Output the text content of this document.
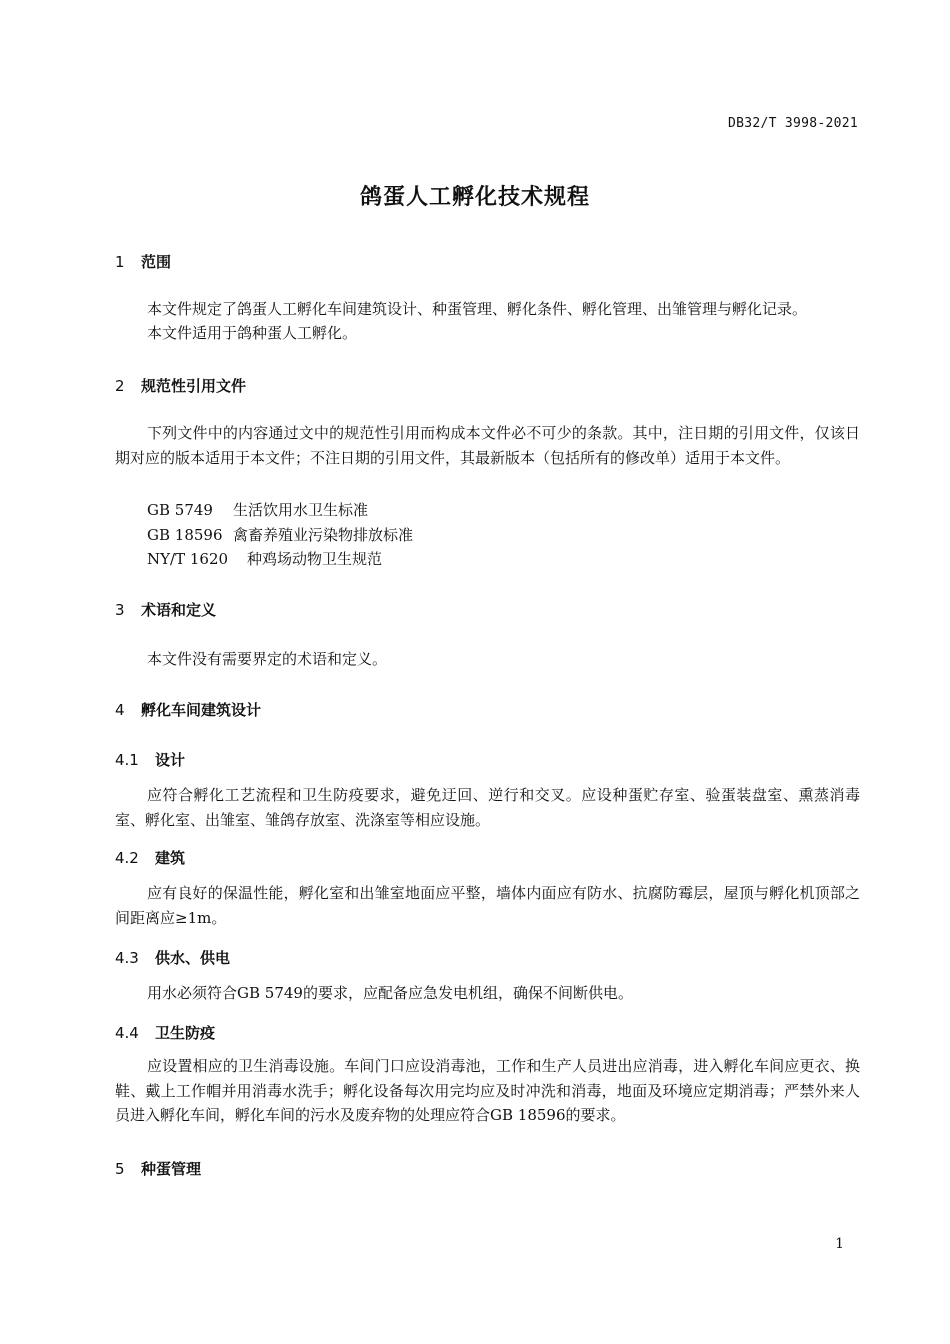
DB32/T 3998-2021
鸽蛋人工孵化技术规程
1 范围

本文件规定了鸽蛋人工孵化车间建筑设计、种蛋管理、孵化条件、孵化管理、出雏管理与孵化记录。

本文件适用于鸽种蛋人工孵化。

2 规范性引用文件

下列文件中的内容通过文中的规范性引用而构成本文件必不可少的条款。其中，注日期的引用文件，仅该日期对应的版本适用于本文件；不注日期的引用文件，其最新版本（包括所有的修改单）适用于本文件。

GB 5749 生活饮用水卫生标准
GB 18596 禽畜养殖业污染物排放标准
NY/T 1620 种鸡场动物卫生规范
3 术语和定义

本文件没有需要界定的术语和定义。

4 孵化车间建筑设计
4.1 设计

应符合孵化工艺流程和卫生防疫要求，避免迂回、逆行和交叉。应设种蛋贮存室、验蛋装盘室、熏蒸消毒室、孵化室、出雏室、雏鸽存放室、洗涤室等相应设施。

4.2 建筑

应有良好的保温性能，孵化室和出雏室地面应平整，墙体内面应有防水、抗腐防霉层，屋顶与孵化机顶部之间距离应≥1m。

4.3 供水、供电

用水必须符合GB 5749的要求，应配备应急发电机组，确保不间断供电。

4.4 卫生防疫

应设置相应的卫生消毒设施。车间门口应设消毒池，工作和生产人员进出应消毒，进入孵化车间应更衣、换鞋、戴上工作帽并用消毒水洗手；孵化设备每次用完均应及时冲洗和消毒，地面及环境应定期消毒；严禁外来人员进入孵化车间，孵化车间的污水及废弃物的处理应符合GB 18596的要求。

5 种蛋管理
1
